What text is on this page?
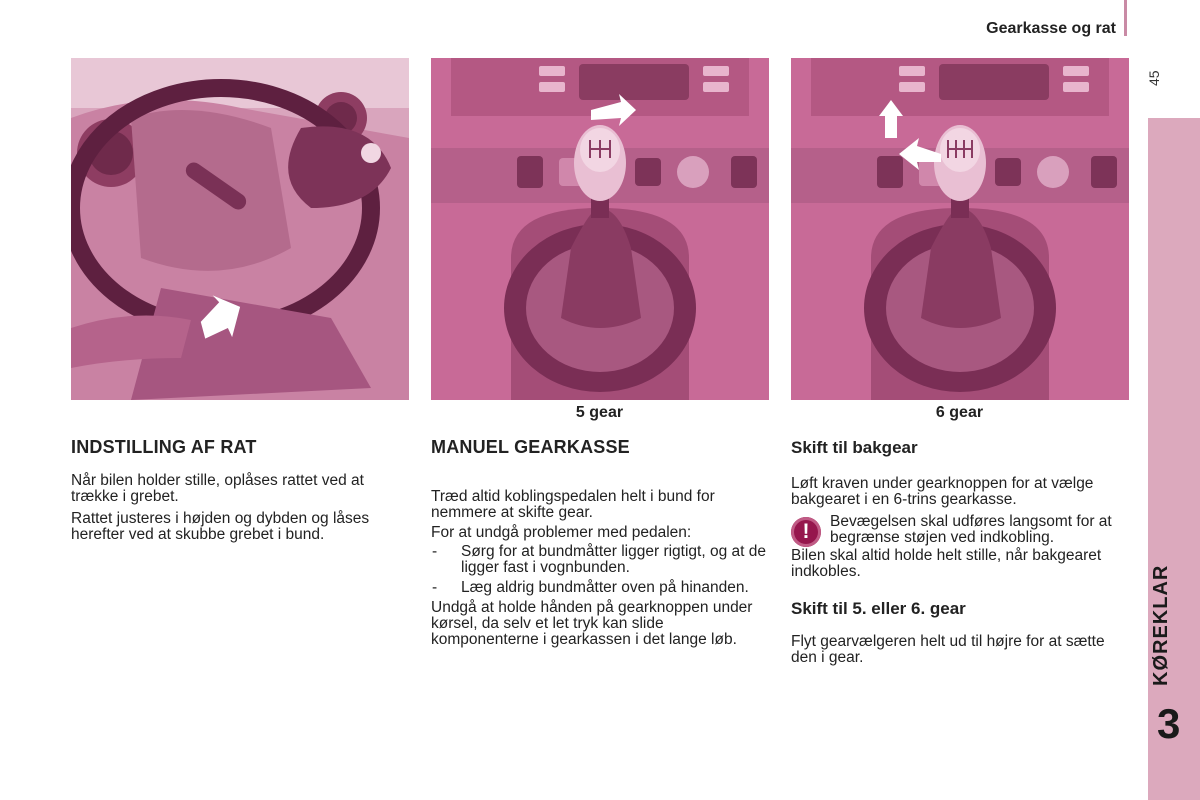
Gearkasse og rat
45
KØREKLAR
3
5 gear	6 gear
INDSTILLING AF RAT

Når bilen holder stille, oplåses rattet ved at trække i grebet.

Rattet justeres i højden og dybden og låses herefter ved at skubbe grebet i bund.

MANUEL GEARKASSE

Træd altid koblingspedalen helt i bund for nemmere at skifte gear.

For at undgå problemer med pedalen:

- Sørg for at bundmåtter ligger rigtigt, og at de ligger fast i vognbunden.
- Læg aldrig bundmåtter oven på hinanden.

Undgå at holde hånden på gearknoppen under kørsel, da selv et let tryk kan slide komponenterne i gearkassen i det lange løb.

Skift til bakgear

Løft kraven under gearknoppen for at vælge bakgearet i en 6-trins gearkasse.

!	Bevægelsen skal udføres langsomt for at begrænse støjen ved indkobling.

Bilen skal altid holde helt stille, når bakgearet indkobles.

Skift til 5. eller 6. gear

Flyt gearvælgeren helt ud til højre for at sætte den i gear.
